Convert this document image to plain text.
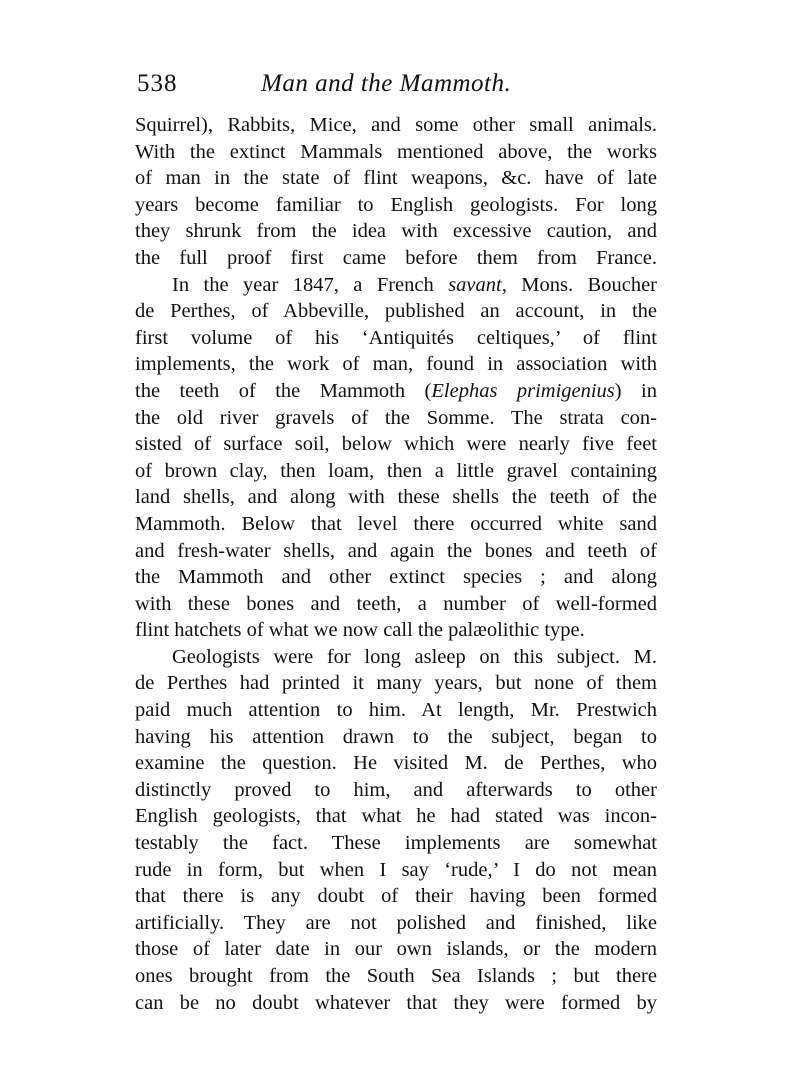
538	Man and the Mammoth.
Squirrel), Rabbits, Mice, and some other small animals.
With the extinct Mammals mentioned above, the works
of man in the state of flint weapons, &c. have of late
years become familiar to English geologists. For long
they shrunk from the idea with excessive caution, and
the full proof first came before them from France.
In the year 1847, a French savant, Mons. Boucher
de Perthes, of Abbeville, published an account, in the
first volume of his ‘Antiquités celtiques,’ of flint
implements, the work of man, found in association with
the teeth of the Mammoth (Elephas primigenius) in
the old river gravels of the Somme. The strata con-
sisted of surface soil, below which were nearly five feet
of brown clay, then loam, then a little gravel containing
land shells, and along with these shells the teeth of the
Mammoth. Below that level there occurred white sand
and fresh-water shells, and again the bones and teeth of
the Mammoth and other extinct species ; and along
with these bones and teeth, a number of well-formed
flint hatchets of what we now call the palæolithic type.
Geologists were for long asleep on this subject. M.
de Perthes had printed it many years, but none of them
paid much attention to him. At length, Mr. Prestwich
having his attention drawn to the subject, began to
examine the question. He visited M. de Perthes, who
distinctly proved to him, and afterwards to other
English geologists, that what he had stated was incon-
testably the fact. These implements are somewhat
rude in form, but when I say ‘rude,’ I do not mean
that there is any doubt of their having been formed
artificially. They are not polished and finished, like
those of later date in our own islands, or the modern
ones brought from the South Sea Islands ; but there
can be no doubt whatever that they were formed by
